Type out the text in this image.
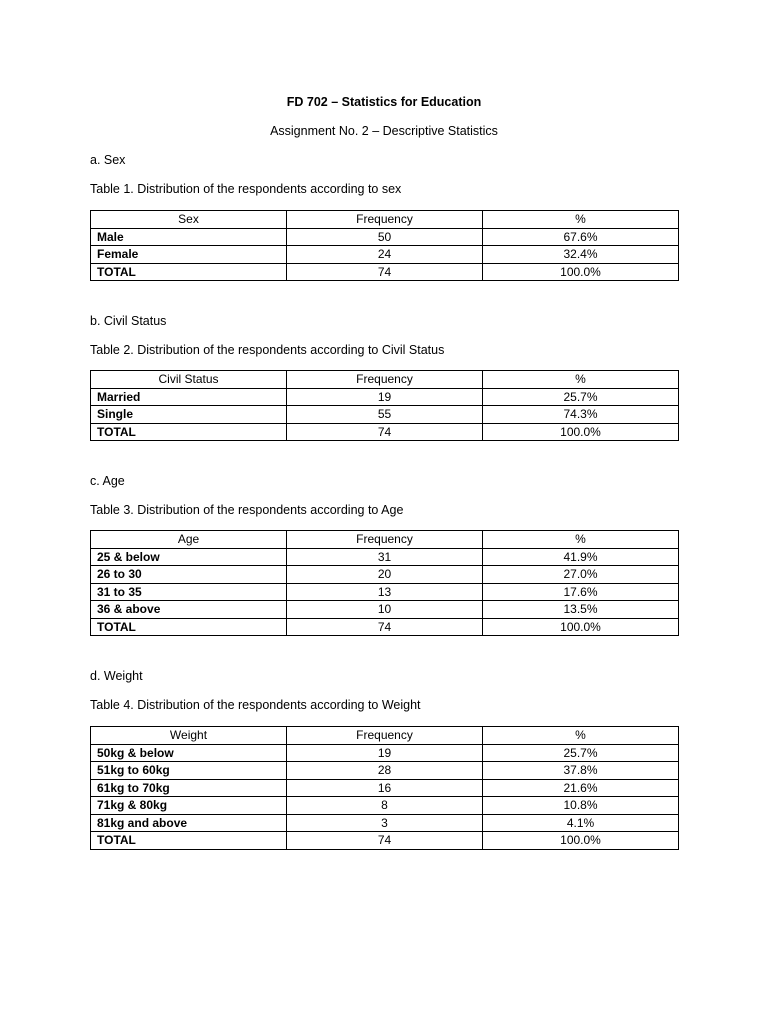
FD 702 – Statistics for Education
Assignment No. 2 – Descriptive Statistics
a. Sex
Table 1. Distribution of the respondents according to sex
Sex	Frequency	%
Male	50	67.6%
Female	24	32.4%
TOTAL	74	100.0%
b. Civil Status
Table 2. Distribution of the respondents according to Civil Status
Civil Status	Frequency	%
Married	19	25.7%
Single	55	74.3%
TOTAL	74	100.0%
c. Age
Table 3. Distribution of the respondents according to Age
Age	Frequency	%
25 & below	31	41.9%
26 to 30	20	27.0%
31 to 35	13	17.6%
36 & above	10	13.5%
TOTAL	74	100.0%
d. Weight
Table 4. Distribution of the respondents according to Weight
Weight	Frequency	%
50kg & below	19	25.7%
51kg to 60kg	28	37.8%
61kg to 70kg	16	21.6%
71kg & 80kg	8	10.8%
81kg and above	3	4.1%
TOTAL	74	100.0%
